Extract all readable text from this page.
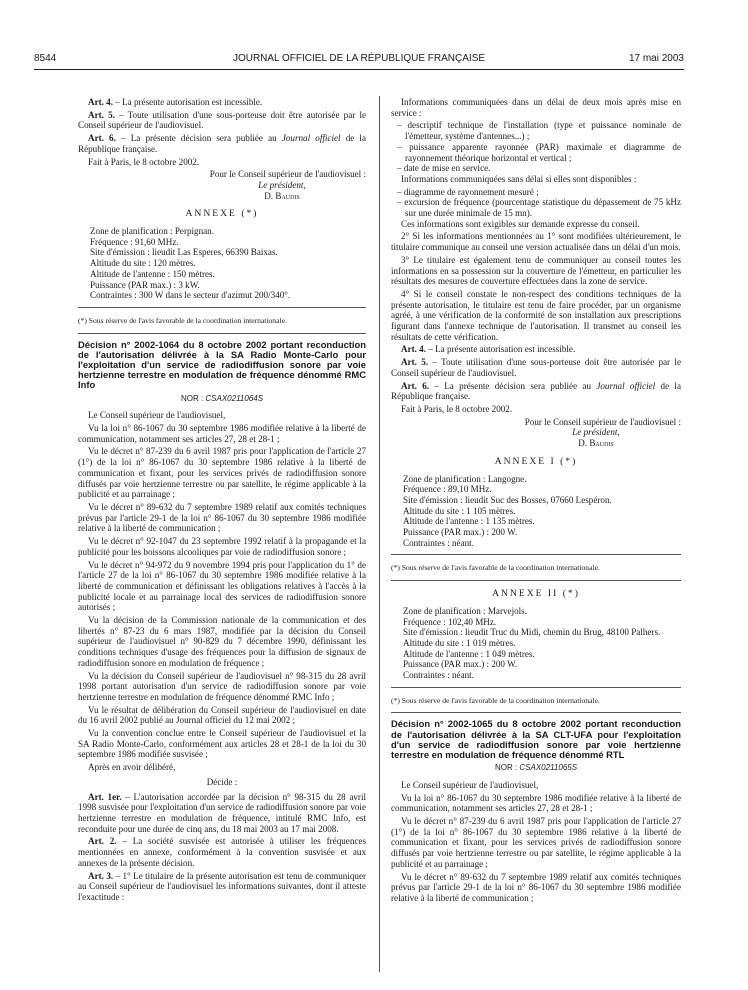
8544	JOURNAL OFFICIEL DE LA RÉPUBLIQUE FRANÇAISE	17 mai 2003

Art. 4. – La présente autorisation est incessible.

Art. 5. – Toute utilisation d'une sous-porteuse doit être autorisée par le Conseil supérieur de l'audiovisuel.

Art. 6. – La présente décision sera publiée au Journal officiel de la République française.

Fait à Paris, le 8 octobre 2002.

Pour le Conseil supérieur de l'audiovisuel :
Le président,
D. Baudis
ANNEXE (*)

Zone de planification : Perpignan.

Fréquence : 91,60 MHz.

Site d'émission : lieudit Las Esperes, 66390 Baixas.

Altitude du site : 120 mètres.

Altitude de l'antenne : 150 mètres.

Puissance (PAR max.) : 3 kW.

Contraintes : 300 W dans le secteur d'azimut 200/340°.

(*) Sous réserve de l'avis favorable de la coordination internationale.

Décision n° 2002-1064 du 8 octobre 2002 portant reconduction de l'autorisation délivrée à la SA Radio Monte-Carlo pour l'exploitation d'un service de radiodiffusion sonore par voie hertzienne terrestre en modulation de fréquence dénommé RMC Info

NOR : CSAX0211064S

Le Conseil supérieur de l'audiovisuel,

Vu la loi n° 86-1067 du 30 septembre 1986 modifiée relative à la liberté de communication, notamment ses articles 27, 28 et 28-1 ;

Vu le décret n° 87-239 du 6 avril 1987 pris pour l'application de l'article 27 (1°) de la loi n° 86-1067 du 30 septembre 1986 relative à la liberté de communication et fixant, pour les services privés de radiodiffusion sonore diffusés par voie hertzienne terrestre ou par satellite, le régime applicable à la publicité et au parrainage ;

Vu le décret n° 89-632 du 7 septembre 1989 relatif aux comités techniques prévus par l'article 29-1 de la loi n° 86-1067 du 30 septembre 1986 modifiée relative à la liberté de communication ;

Vu le décret n° 92-1047 du 23 septembre 1992 relatif à la propagande et la publicité pour les boissons alcooliques par voie de radiodiffusion sonore ;

Vu le décret n° 94-972 du 9 novembre 1994 pris pour l'application du 1° de l'article 27 de la loi n° 86-1067 du 30 septembre 1986 modifiée relative à la liberté de communication et définissant les obligations relatives à l'accès à la publicité locale et au parrainage local des services de radiodiffusion sonore autorisés ;

Vu la décision de la Commission nationale de la communication et des libertés n° 87-23 du 6 mars 1987, modifiée par la décision du Conseil supérieur de l'audiovisuel n° 90-829 du 7 décembre 1990, définissant les conditions techniques d'usage des fréquences pour la diffusion de signaux de radiodiffusion sonore en modulation de fréquence ;

Vu la décision du Conseil supérieur de l'audiovisuel n° 98-315 du 28 avril 1998 portant autorisation d'un service de radiodiffusion sonore par voie hertzienne terrestre en modulation de fréquence dénommé RMC Info ;

Vu le résultat de délibération du Conseil supérieur de l'audiovisuel en date du 16 avril 2002 publié au Journal officiel du 12 mai 2002 ;

Vu la convention conclue entre le Conseil supérieur de l'audiovisuel et la SA Radio Monte-Carlo, conformément aux articles 28 et 28-1 de la loi du 30 septembre 1986 modifiée susvisée ;

Après en avoir délibéré,

Décide :

Art. 1er. – L'autorisation accordée par la décision n° 98-315 du 28 avril 1998 susvisée pour l'exploitation d'un service de radiodiffusion sonore par voie hertzienne terrestre en modulation de fréquence, intitulé RMC Info, est reconduite pour une durée de cinq ans, du 18 mai 2003 au 17 mai 2008.

Art. 2. – La société susvisée est autorisée à utiliser les fréquences mentionnées en annexe, conformément à la convention susvisée et aux annexes de la présente décision.

Art. 3. – 1° Le titulaire de la présente autorisation est tenu de communiquer au Conseil supérieur de l'audiovisuel les informations suivantes, dont il atteste l'exactitude :

Informations communiquées dans un délai de deux mois après mise en service :

– descriptif technique de l'installation (type et puissance nominale de l'émetteur, système d'antennes...) ;

– puissance apparente rayonnée (PAR) maximale et diagramme de rayonnement théorique horizontal et vertical ;

– date de mise en service.

Informations communiquées sans délai si elles sont disponibles :

– diagramme de rayonnement mesuré ;

– excursion de fréquence (pourcentage statistique du dépassement de 75 kHz sur une durée minimale de 15 mn).

Ces informations sont exigibles sur demande expresse du conseil.

2° Si les informations mentionnées au 1° sont modifiées ultérieurement, le titulaire communique au conseil une version actualisée dans un délai d'un mois.

3° Le titulaire est également tenu de communiquer au conseil toutes les informations en sa possession sur la couverture de l'émetteur, en particulier les résultats des mesures de couverture effectuées dans la zone de service.

4° Si le conseil constate le non-respect des conditions techniques de la présente autorisation, le titulaire est tenu de faire procéder, par un organisme agréé, à une vérification de la conformité de son installation aux prescriptions figurant dans l'annexe technique de l'autorisation. Il transmet au conseil les résultats de cette vérification.

Art. 4. – La présente autorisation est incessible.

Art. 5. – Toute utilisation d'une sous-porteuse doit être autorisée par le Conseil supérieur de l'audiovisuel.

Art. 6. – La présente décision sera publiée au Journal officiel de la République française.

Fait à Paris, le 8 octobre 2002.

Pour le Conseil supérieur de l'audiovisuel :
Le président,
D. Baudis
ANNEXE I (*)

Zone de planification : Langogne.

Fréquence : 89,10 MHz.

Site d'émission : lieudit Suc des Bosses, 07660 Lespéron.

Altitude du site : 1 105 mètres.

Altitude de l'antenne : 1 135 mètres.

Puissance (PAR max.) : 200 W.

Contraintes : néant.

(*) Sous réserve de l'avis favorable de la coordination internationale.

ANNEXE II (*)

Zone de planification : Marvejols.

Fréquence : 102,40 MHz.

Site d'émission : lieudit Truc du Midi, chemin du Brug, 48100 Palhers.

Altitude du site : 1 019 mètres.

Altitude de l'antenne : 1 049 mètres.

Puissance (PAR max.) : 200 W.

Contraintes : néant.

(*) Sous réserve de l'avis favorable de la coordination internationale.

Décision n° 2002-1065 du 8 octobre 2002 portant reconduction de l'autorisation délivrée à la SA CLT-UFA pour l'exploitation d'un service de radiodiffusion sonore par voie hertzienne terrestre en modulation de fréquence dénommé RTL

NOR : CSAX0211065S

Le Conseil supérieur de l'audiovisuel,

Vu la loi n° 86-1067 du 30 septembre 1986 modifiée relative à la liberté de communication, notamment ses articles 27, 28 et 28-1 ;

Vu le décret n° 87-239 du 6 avril 1987 pris pour l'application de l'article 27 (1°) de la loi n° 86-1067 du 30 septembre 1986 relative à la liberté de communication et fixant, pour les services privés de radiodiffusion sonore diffusés par voie hertzienne terrestre ou par satellite, le régime applicable à la publicité et au parrainage ;

Vu le décret n° 89-632 du 7 septembre 1989 relatif aux comités techniques prévus par l'article 29-1 de la loi n° 86-1067 du 30 septembre 1986 modifiée relative à la liberté de communication ;
